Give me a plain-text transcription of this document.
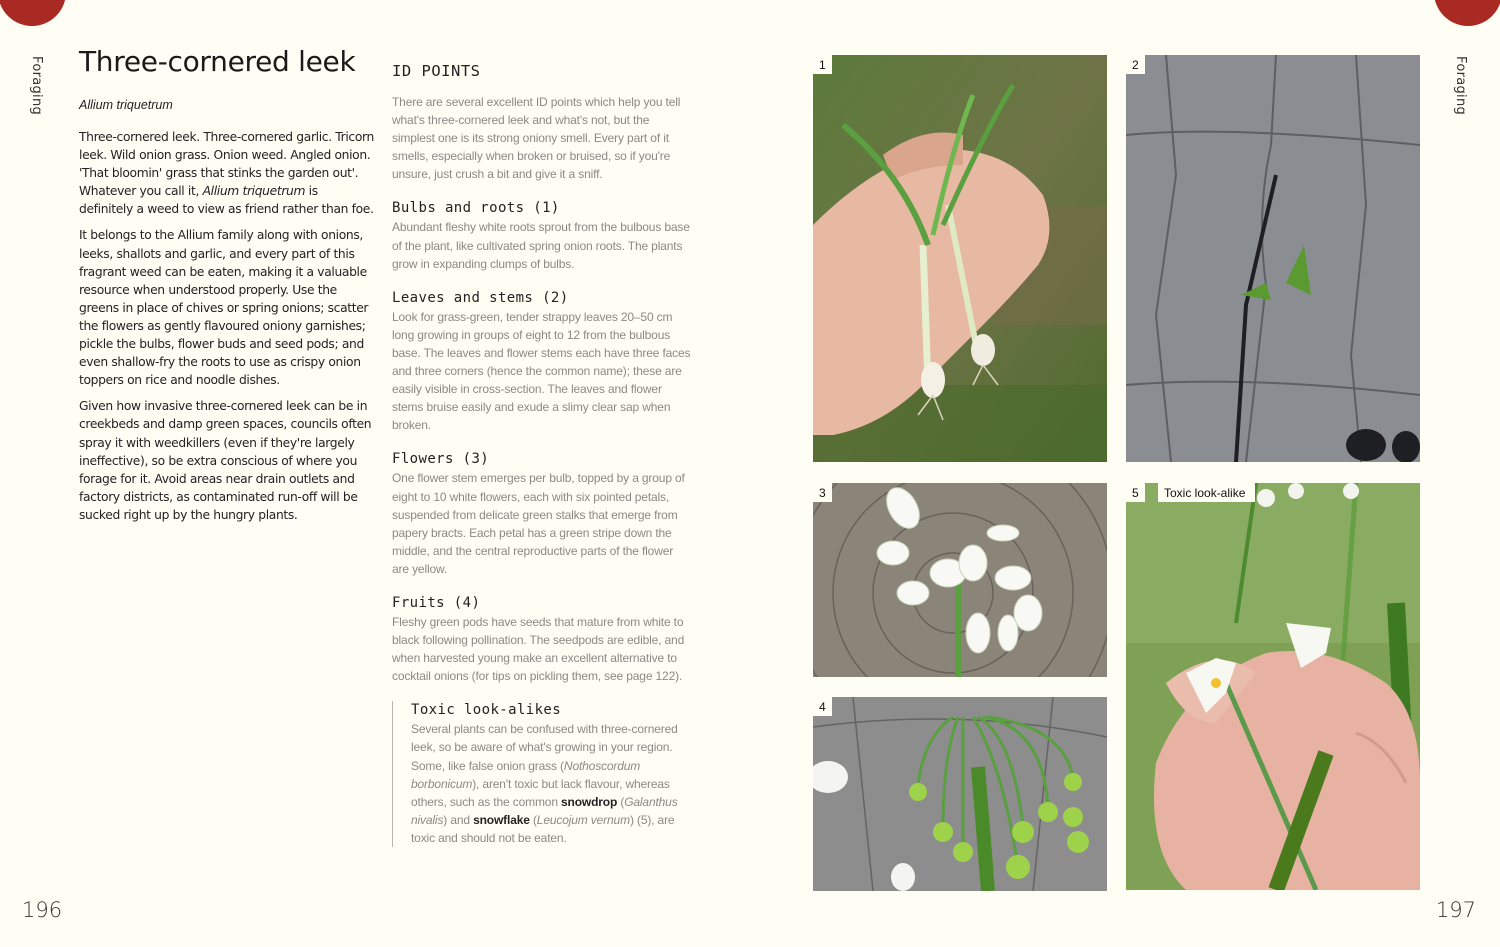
Foraging	Foraging
Three-cornered leek
Allium triquetrum

Three-cornered leek. Three-cornered garlic. Tricorn leek. Wild onion grass. Onion weed. Angled onion. 'That bloomin' grass that stinks the garden out'. Whatever you call it, Allium triquetrum is definitely a weed to view as friend rather than foe.

It belongs to the Allium family along with onions, leeks, shallots and garlic, and every part of this fragrant weed can be eaten, making it a valuable resource when understood properly. Use the greens in place of chives or spring onions; scatter the flowers as gently flavoured oniony garnishes; pickle the bulbs, flower buds and seed pods; and even shallow-fry the roots to use as crispy onion toppers on rice and noodle dishes.

Given how invasive three-cornered leek can be in creekbeds and damp green spaces, councils often spray it with weedkillers (even if they're largely ineffective), so be extra conscious of where you forage for it. Avoid areas near drain outlets and factory districts, as contaminated run-off will be sucked right up by the hungry plants.

ID POINTS

There are several excellent ID points which help you tell what's three-cornered leek and what's not, but the simplest one is its strong oniony smell. Every part of it smells, especially when broken or bruised, so if you're unsure, just crush a bit and give it a sniff.

Bulbs and roots (1)

Abundant fleshy white roots sprout from the bulbous base of the plant, like cultivated spring onion roots. The plants grow in expanding clumps of bulbs.

Leaves and stems (2)

Look for grass-green, tender strappy leaves 20–50 cm long growing in groups of eight to 12 from the bulbous base. The leaves and flower stems each have three faces and three corners (hence the common name); these are easily visible in cross-section. The leaves and flower stems bruise easily and exude a slimy clear sap when broken.

Flowers (3)

One flower stem emerges per bulb, topped by a group of eight to 10 white flowers, each with six pointed petals, suspended from delicate green stalks that emerge from papery bracts. Each petal has a green stripe down the middle, and the central reproductive parts of the flower are yellow.

Fruits (4)

Fleshy green pods have seeds that mature from white to black following pollination. The seedpods are edible, and when harvested young make an excellent alternative to cocktail onions (for tips on pickling them, see page 122).

Toxic look-alikes

Several plants can be confused with three-cornered leek, so be aware of what's growing in your region. Some, like false onion grass (Nothoscordum borbonicum), aren't toxic but lack flavour, whereas others, such as the common snowdrop (Galanthus nivalis) and snowflake (Leucojum vernum) (5), are toxic and should not be eaten.

1	2
3
4
5	Toxic look-alike
196	197
